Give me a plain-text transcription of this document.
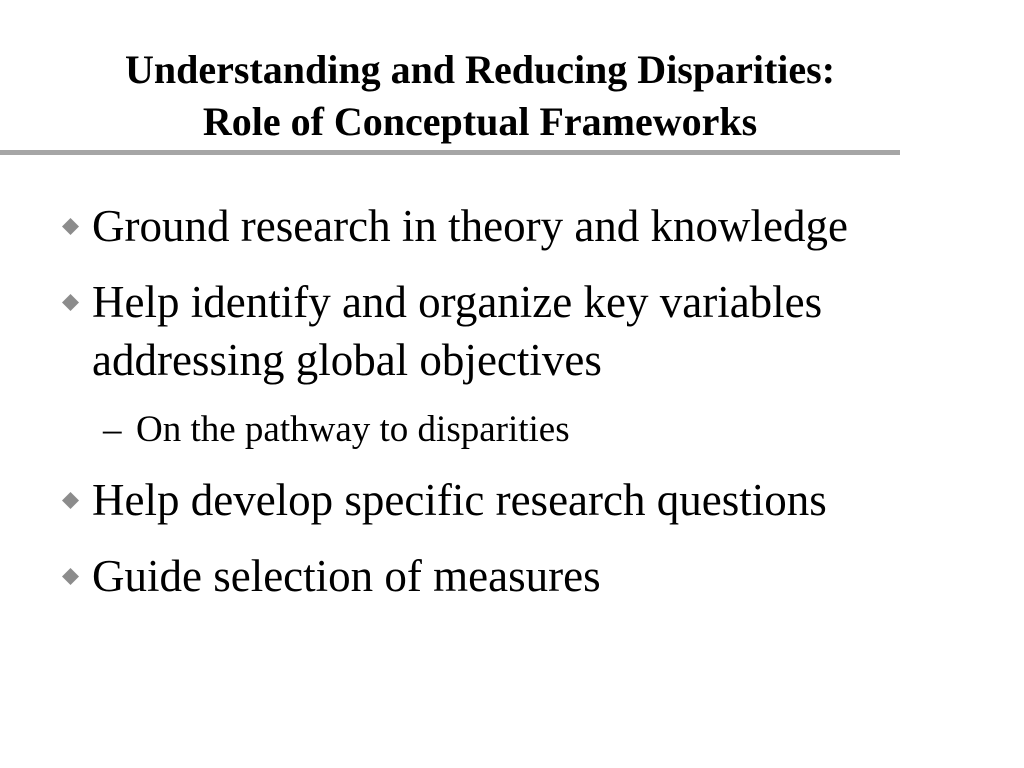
Understanding and Reducing Disparities:
Role of Conceptual Frameworks
Ground research in theory and knowledge
Help identify and organize key variables
addressing global objectives
– On the pathway to disparities
Help develop specific research questions
Guide selection of measures
